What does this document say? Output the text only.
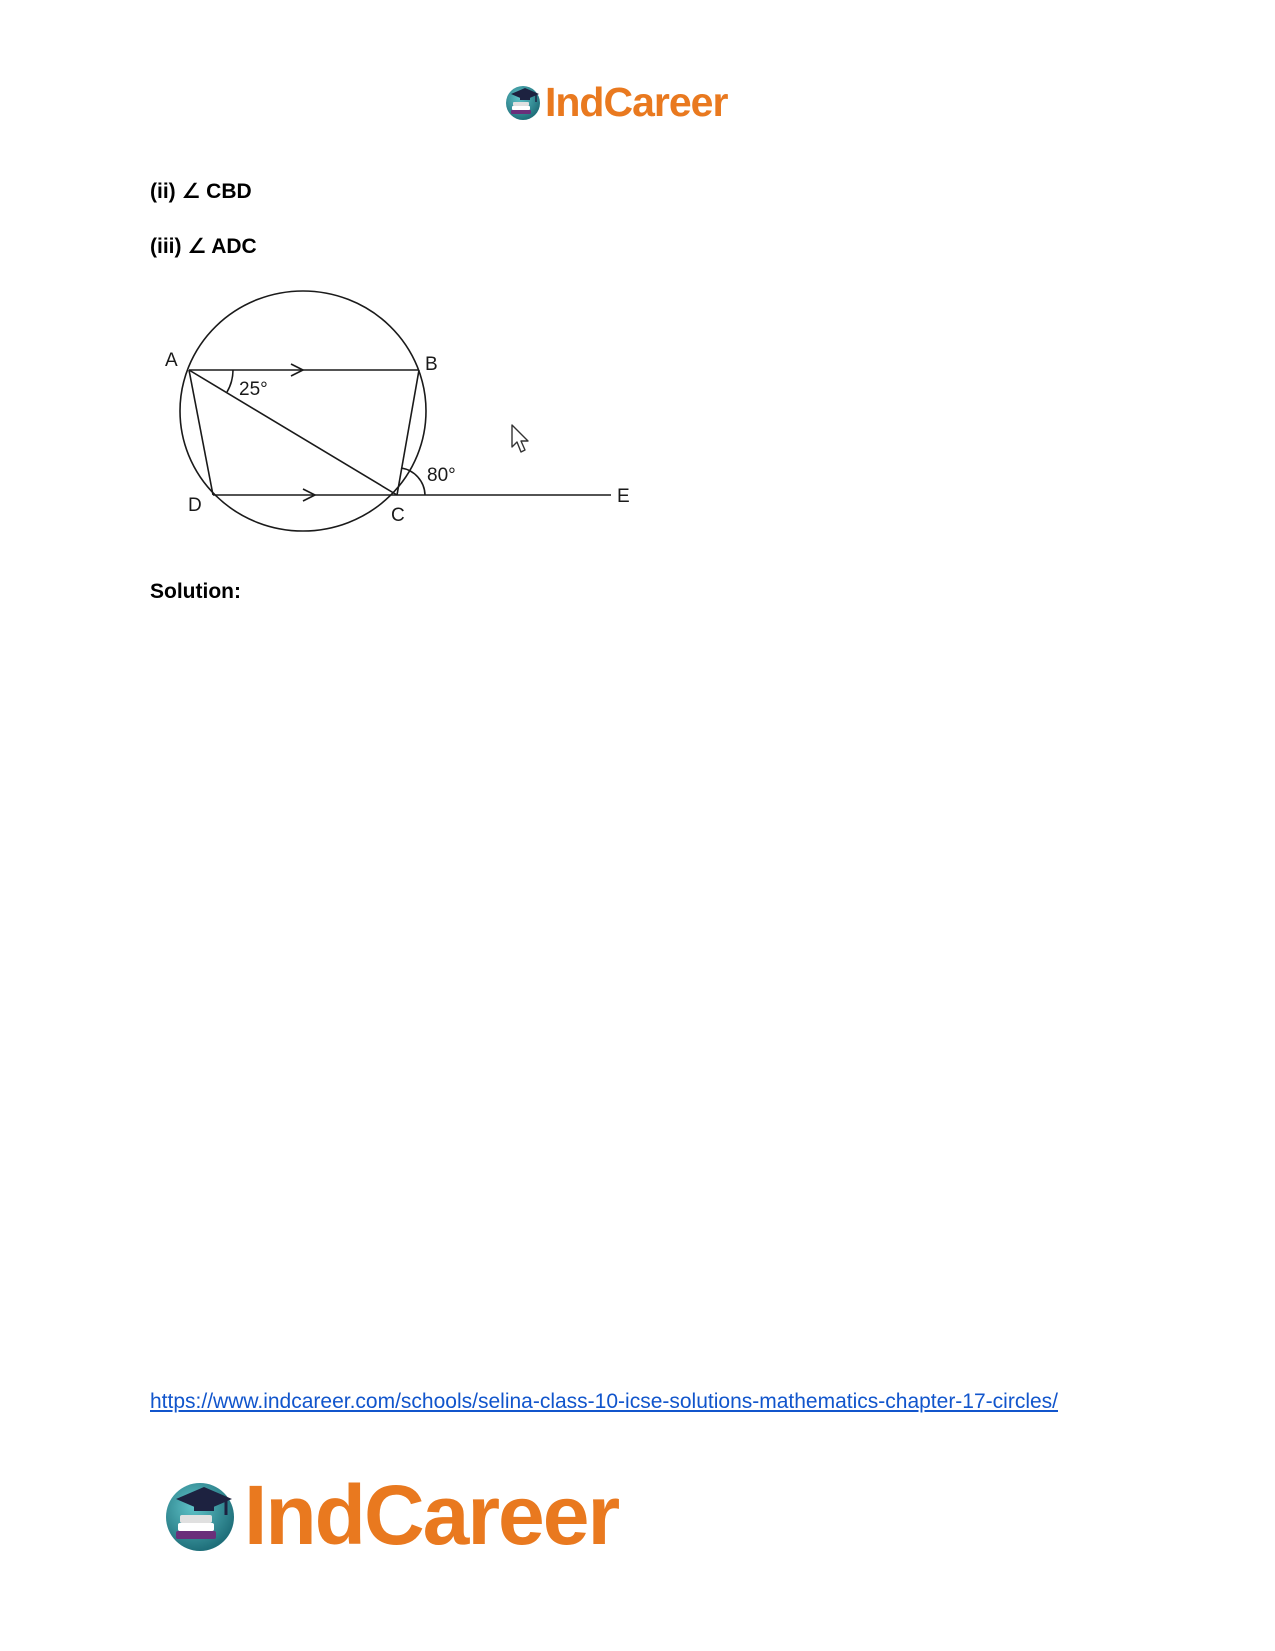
IndCareer
(ii) ∠ CBD
(iii) ∠ ADC
A	B
C
D	E
25°
80°
Solution:
https://www.indcareer.com/schools/selina-class-10-icse-solutions-mathematics-chapter-17-circles/
IndCareer
